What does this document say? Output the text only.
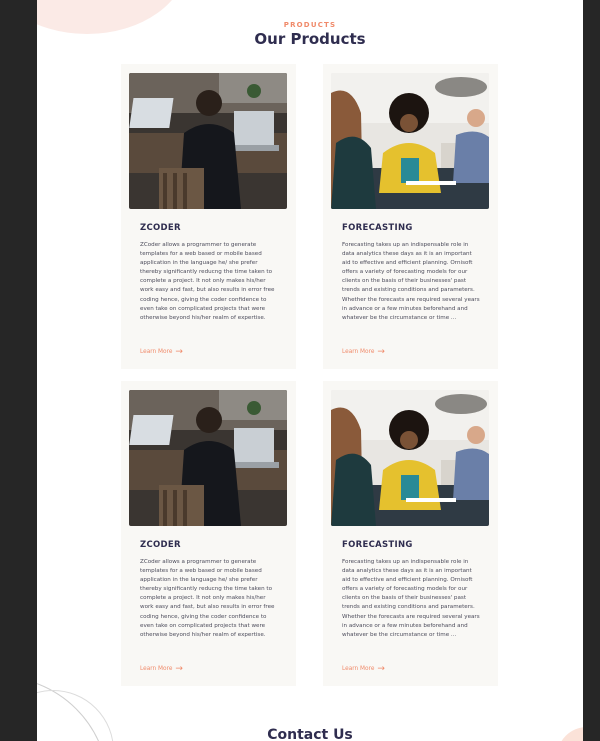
PRODUCTS
Our Products
ZCODER
ZCoder allows a programmer to generate templates for a web based or mobile based application in the language he/ she prefer thereby significantly reducng the time taken to complete a project. It not only makes his/her work easy and fast, but also results in error free coding hence, giving the coder confidence to even take on complicated projects that were otherwise beyond his/her realm of expertise.
Learn More →
FORECASTING
Forecasting takes up an indispensable role in data analytics these days as it is an important aid to effective and efficient planning. Ornisoft offers a variety of forecasting models for our clients on the basis of their businesses' past trends and existing conditions and parameters. Whether the forecasts are required several years in advance or a few minutes beforehand and whatever be the circumstance or time ...
Learn More →
ZCODER
ZCoder allows a programmer to generate templates for a web based or mobile based application in the language he/ she prefer thereby significantly reducng the time taken to complete a project. It not only makes his/her work easy and fast, but also results in error free coding hence, giving the coder confidence to even take on complicated projects that were otherwise beyond his/her realm of expertise.
Learn More →
FORECASTING
Forecasting takes up an indispensable role in data analytics these days as it is an important aid to effective and efficient planning. Ornisoft offers a variety of forecasting models for our clients on the basis of their businesses' past trends and existing conditions and parameters. Whether the forecasts are required several years in advance or a few minutes beforehand and whatever be the circumstance or time ...
Learn More →
Contact Us
